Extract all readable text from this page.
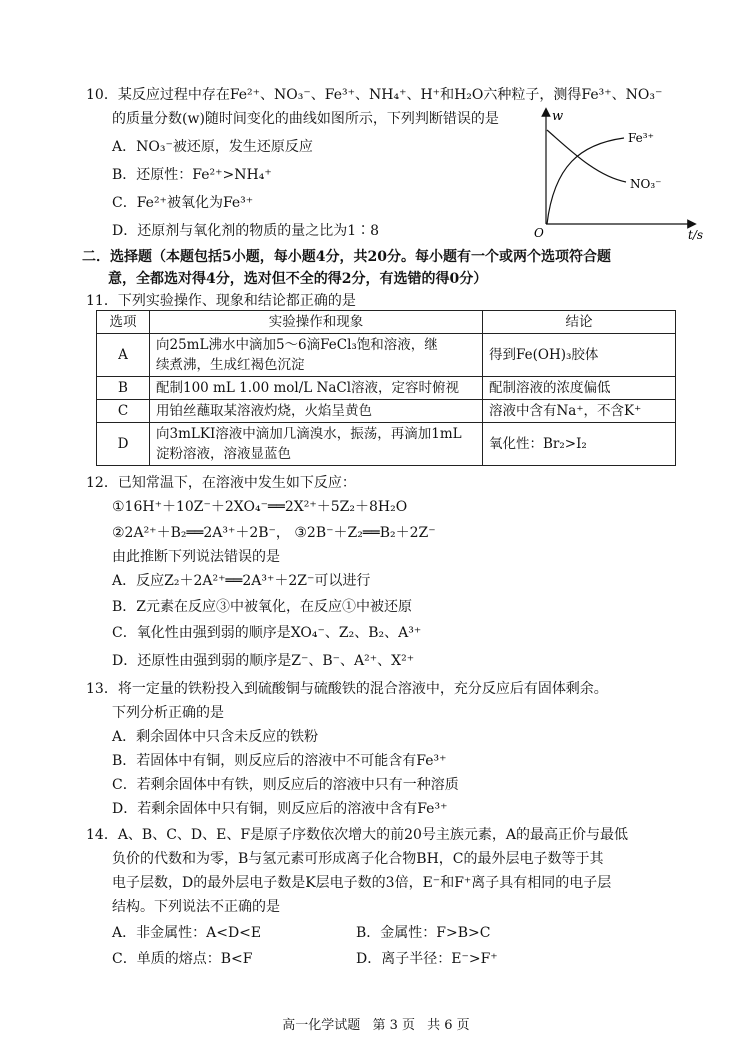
10．某反应过程中存在Fe²⁺、NO₃⁻、Fe³⁺、NH₄⁺、H⁺和H₂O六种粒子，测得Fe³⁺、NO₃⁻
的质量分数(w)随时间变化的曲线如图所示，下列判断错误的是
A．NO₃⁻被还原，发生还原反应
B．还原性：Fe²⁺>NH₄⁺
C．Fe²⁺被氧化为Fe³⁺
D．还原剂与氧化剂的物质的量之比为1∶8
w
t/s
O
Fe³⁺
NO₃⁻
二．选择题（本题包括5小题，每小题4分，共20分。每小题有一个或两个选项符合题
意，全都选对得4分，选对但不全的得2分，有选错的得0分）
11．下列实验操作、现象和结论都正确的是
选项	实验操作和现象	结论
A	向25mL沸水中滴加5～6滴FeCl₃饱和溶液，继
续煮沸，生成红褐色沉淀	得到Fe(OH)₃胶体
B	配制100 mL 1.00 mol/L NaCl溶液，定容时俯视	配制溶液的浓度偏低
C	用铂丝蘸取某溶液灼烧，火焰呈黄色	溶液中含有Na⁺，不含K⁺
D	向3mLKI溶液中滴加几滴溴水，振荡，再滴加1mL
淀粉溶液，溶液显蓝色	氧化性：Br₂>I₂
12．已知常温下，在溶液中发生如下反应：
①16H⁺＋10Z⁻＋2XO₄⁻══2X²⁺＋5Z₂＋8H₂O
②2A²⁺＋B₂══2A³⁺＋2B⁻， ③2B⁻＋Z₂══B₂＋2Z⁻
由此推断下列说法错误的是
A．反应Z₂＋2A²⁺══2A³⁺＋2Z⁻可以进行
B．Z元素在反应③中被氧化，在反应①中被还原
C．氧化性由强到弱的顺序是XO₄⁻、Z₂、B₂、A³⁺
D．还原性由强到弱的顺序是Z⁻、B⁻、A²⁺、X²⁺
13．将一定量的铁粉投入到硫酸铜与硫酸铁的混合溶液中，充分反应后有固体剩余。
下列分析正确的是
A．剩余固体中只含未反应的铁粉
B．若固体中有铜，则反应后的溶液中不可能含有Fe³⁺
C．若剩余固体中有铁，则反应后的溶液中只有一种溶质
D．若剩余固体中只有铜，则反应后的溶液中含有Fe³⁺
14．A、B、C、D、E、F是原子序数依次增大的前20号主族元素，A的最高正价与最低
负价的代数和为零，B与氢元素可形成离子化合物BH，C的最外层电子数等于其
电子层数，D的最外层电子数是K层电子数的3倍，E⁻和F⁺离子具有相同的电子层
结构。下列说法不正确的是
A．非金属性：A<D<E	B．金属性：F>B>C
C．单质的熔点：B<F	D．离子半径：E⁻>F⁺
高一化学试题 第 3 页 共 6 页
